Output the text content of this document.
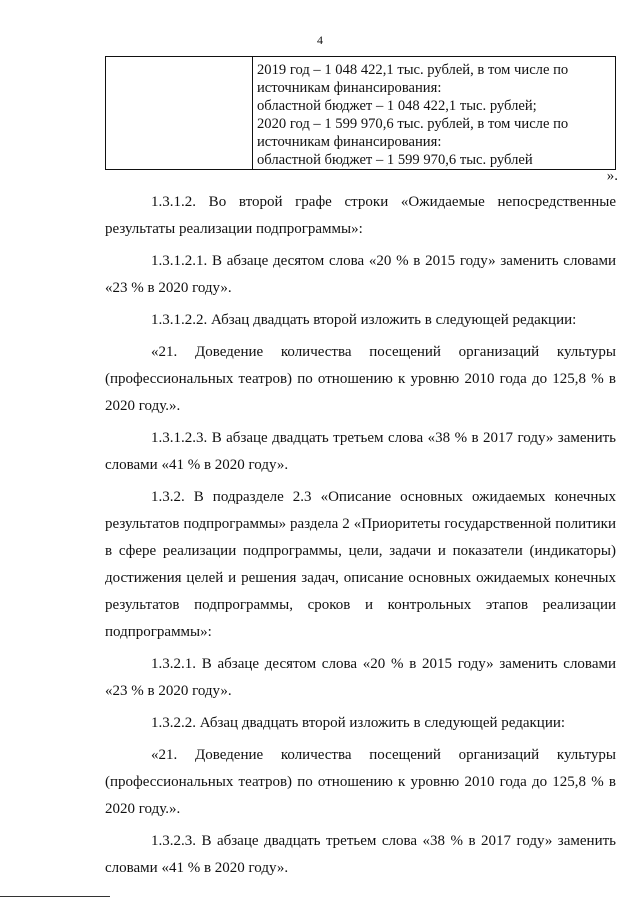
4

2019 год – 1 048 422,1 тыс. рублей, в том числе по
источникам финансирования:
областной бюджет – 1 048 422,1 тыс. рублей;
2020 год – 1 599 970,6 тыс. рублей, в том числе по
источникам финансирования:
областной бюджет – 1 599 970,6 тыс. рублей
».

1.3.1.2. Во второй графе строки «Ожидаемые непосредственные результаты реализации подпрограммы»:

1.3.1.2.1. В абзаце десятом слова «20 % в 2015 году» заменить словами «23 % в 2020 году».

1.3.1.2.2. Абзац двадцать второй изложить в следующей редакции:

«21. Доведение количества посещений организаций культуры (профессиональных театров) по отношению к уровню 2010 года до 125,8 % в 2020 году.».

1.3.1.2.3. В абзаце двадцать третьем слова «38 % в 2017 году» заменить словами «41 % в 2020 году».

1.3.2. В подразделе 2.3 «Описание основных ожидаемых конечных результатов подпрограммы» раздела 2 «Приоритеты государственной политики в сфере реализации подпрограммы, цели, задачи и показатели (индикаторы) достижения целей и решения задач, описание основных ожидаемых конечных результатов подпрограммы, сроков и контрольных этапов реализации подпрограммы»:

1.3.2.1. В абзаце десятом слова «20 % в 2015 году» заменить словами «23 % в 2020 году».

1.3.2.2. Абзац двадцать второй изложить в следующей редакции:

«21. Доведение количества посещений организаций культуры (профессиональных театров) по отношению к уровню 2010 года до 125,8 % в 2020 году.».

1.3.2.3. В абзаце двадцать третьем слова «38 % в 2017 году» заменить словами «41 % в 2020 году».
